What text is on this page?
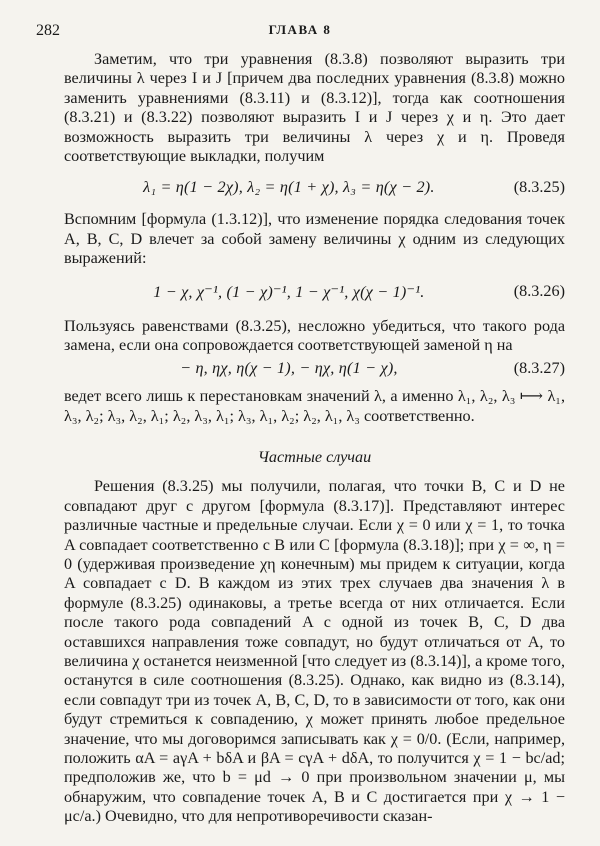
282	ГЛАВА 8

Заметим, что три уравнения (8.3.8) позволяют выразить три величины λ через I и J [причем два последних уравнения (8.3.8) можно заменить уравнениями (8.3.11) и (8.3.12)], тогда как соотношения (8.3.21) и (8.3.22) позволяют выразить I и J через χ и η. Это дает возможность выразить три величины λ через χ и η. Проведя соответствующие выкладки, получим

λ₁ = η(1 − 2χ), λ₂ = η(1 + χ), λ₃ = η(χ − 2).	(8.3.25)

Вспомним [формула (1.3.12)], что изменение порядка следования точек A, B, C, D влечет за собой замену величины χ одним из следующих выражений:

1 − χ, χ⁻¹, (1 − χ)⁻¹, 1 − χ⁻¹, χ(χ − 1)⁻¹.	(8.3.26)

Пользуясь равенствами (8.3.25), несложно убедиться, что такого рода замена, если она сопровождается соответствующей заменой η на

− η, ηχ, η(χ − 1), − ηχ, η(1 − χ),	(8.3.27)

ведет всего лишь к перестановкам значений λ, а именно λ₁, λ₂, λ₃ ⟼ λ₁, λ₃, λ₂; λ₃, λ₂, λ₁; λ₂, λ₃, λ₁; λ₃, λ₁, λ₂; λ₂, λ₁, λ₃ соответственно.

Частные случаи

Решения (8.3.25) мы получили, полагая, что точки B, C и D не совпадают друг с другом [формула (8.3.17)]. Представляют интерес различные частные и предельные случаи. Если χ = 0 или χ = 1, то точка A совпадает соответственно с B или C [формула (8.3.18)]; при χ = ∞, η = 0 (удерживая произведение χη конечным) мы придем к ситуации, когда A совпадает с D. В каждом из этих трех случаев два значения λ в формуле (8.3.25) одинаковы, а третье всегда от них отличается. Если после такого рода совпадений A с одной из точек B, C, D два оставшихся направления тоже совпадут, но будут отличаться от A, то величина χ останется неизменной [что следует из (8.3.14)], а кроме того, останутся в силе соотношения (8.3.25). Однако, как видно из (8.3.14), если совпадут три из точек A, B, C, D, то в зависимости от того, как они будут стремиться к совпадению, χ может принять любое предельное значение, что мы договоримся записывать как χ = 0/0. (Если, например, положить αA = aγA + bδA и βA = cγA + dδA, то получится χ = 1 − bc/ad; предположив же, что b = μd → 0 при произвольном значении μ, мы обнаружим, что совпадение точек A, B и C достигается при χ → 1 − μc/a.) Очевидно, что для непротиворечивости сказан-
